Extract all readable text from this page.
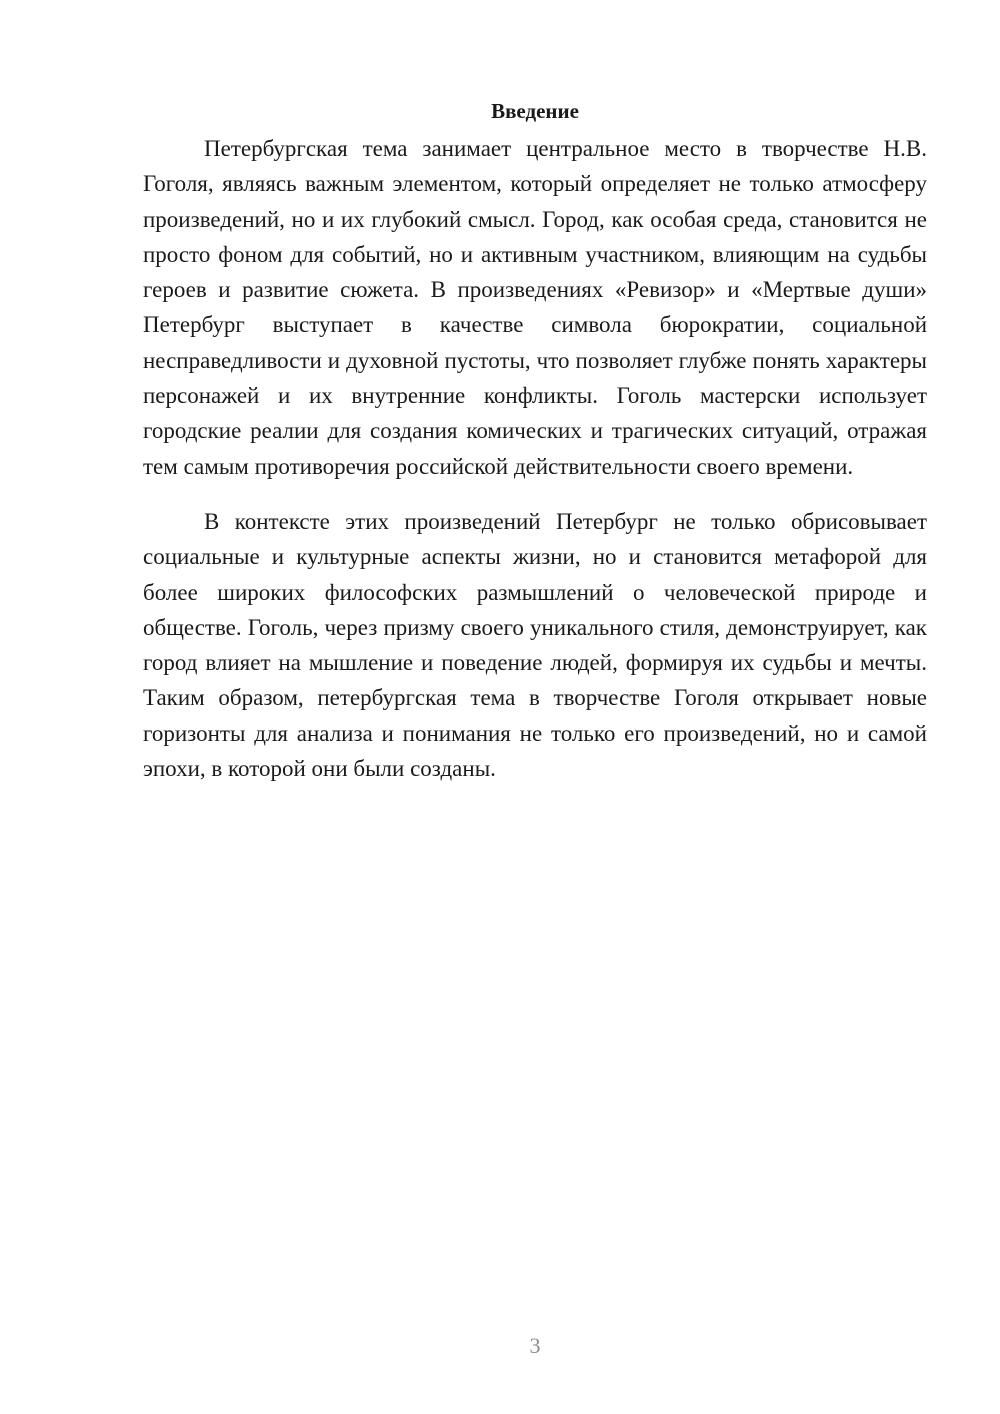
Введение

Петербургская тема занимает центральное место в творчестве Н.В. Гоголя, являясь важным элементом, который определяет не только атмосферу произведений, но и их глубокий смысл. Город, как особая среда, становится не просто фоном для событий, но и активным участником, влияющим на судьбы героев и развитие сюжета. В произведениях «Ревизор» и «Мертвые души» Петербург выступает в качестве символа бюрократии, социальной несправедливости и духовной пустоты, что позволяет глубже понять характеры персонажей и их внутренние конфликты. Гоголь мастерски использует городские реалии для создания комических и трагических ситуаций, отражая тем самым противоречия российской действительности своего времени.

В контексте этих произведений Петербург не только обрисовывает социальные и культурные аспекты жизни, но и становится метафорой для более широких философских размышлений о человеческой природе и обществе. Гоголь, через призму своего уникального стиля, демонструирует, как город влияет на мышление и поведение людей, формируя их судьбы и мечты. Таким образом, петербургская тема в творчестве Гоголя открывает новые горизонты для анализа и понимания не только его произведений, но и самой эпохи, в которой они были созданы.

3
